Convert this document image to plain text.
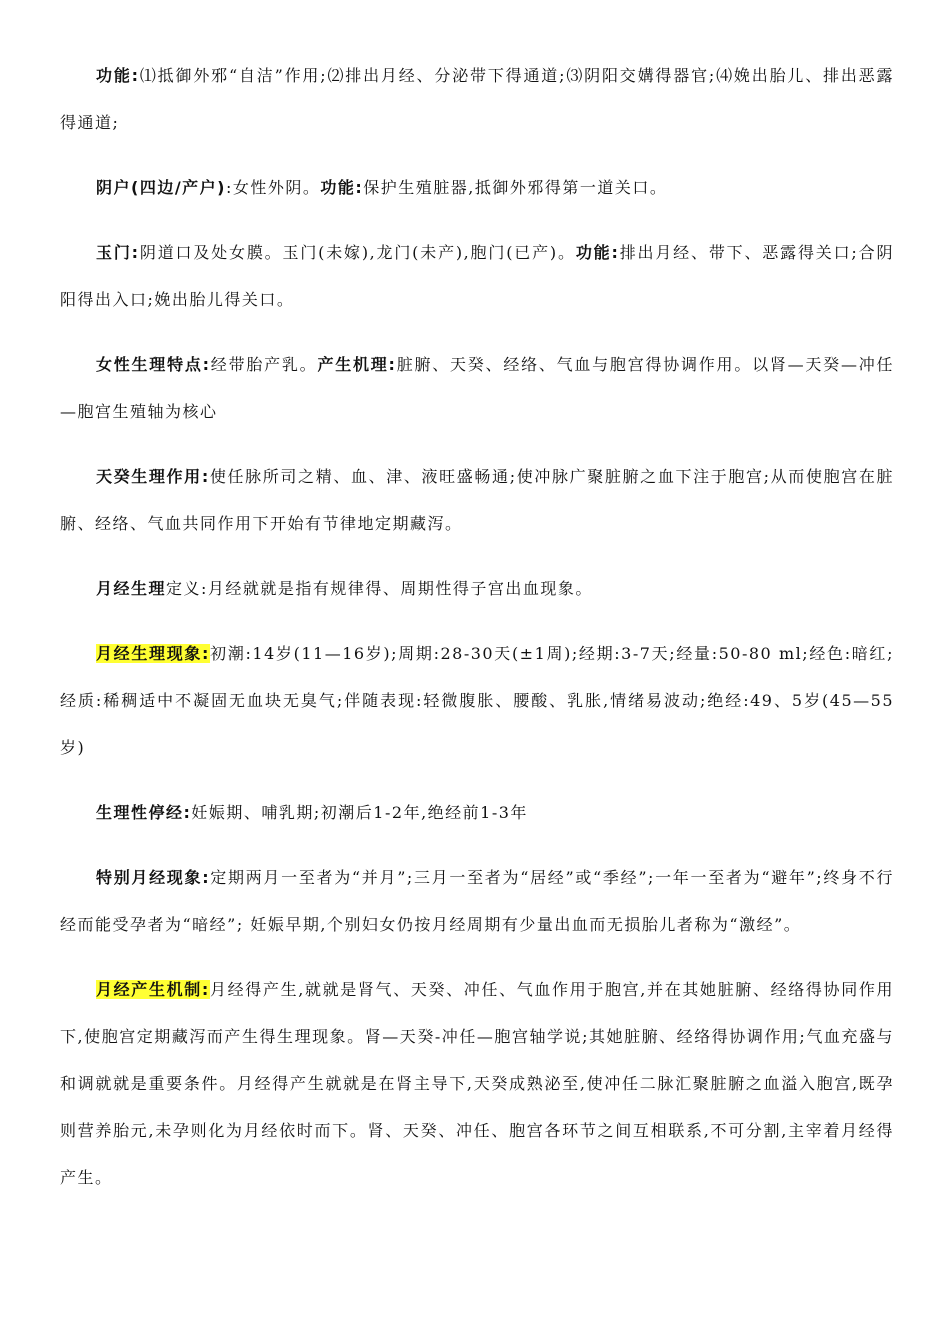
功能:⑴抵御外邪“自洁”作用;⑵排出月经、分泌带下得通道;⑶阴阳交媾得器官;⑷娩出胎儿、排出恶露得通道;

阴户(四边/产户):女性外阴。功能:保护生殖脏器,抵御外邪得第一道关口。

玉门:阴道口及处女膜。玉门(未嫁),龙门(未产),胞门(已产)。功能:排出月经、带下、恶露得关口;合阴阳得出入口;娩出胎儿得关口。

女性生理特点:经带胎产乳。产生机理:脏腑、天癸、经络、气血与胞宫得协调作用。以肾—天癸—冲任—胞宫生殖轴为核心

天癸生理作用:使任脉所司之精、血、津、液旺盛畅通;使冲脉广聚脏腑之血下注于胞宫;从而使胞宫在脏腑、经络、气血共同作用下开始有节律地定期藏泻。

月经生理定义:月经就就是指有规律得、周期性得子宫出血现象。

月经生理现象:初潮:14岁(11—16岁);周期:28-30天(±1周);经期:3-7天;经量:50-80 ml;经色:暗红;经质:稀稠适中不凝固无血块无臭气;伴随表现:轻微腹胀、腰酸、乳胀,情绪易波动;绝经:49、5岁(45—55岁)

生理性停经:妊娠期、哺乳期;初潮后1-2年,绝经前1-3年

特别月经现象:定期两月一至者为“并月”;三月一至者为“居经”或“季经”;一年一至者为“避年”;终身不行经而能受孕者为“暗经”; 妊娠早期,个别妇女仍按月经周期有少量出血而无损胎儿者称为“激经”。

月经产生机制:月经得产生,就就是肾气、天癸、冲任、气血作用于胞宫,并在其她脏腑、经络得协同作用下,使胞宫定期藏泻而产生得生理现象。肾—天癸-冲任—胞宫轴学说;其她脏腑、经络得协调作用;气血充盛与和调就就是重要条件。月经得产生就就是在肾主导下,天癸成熟泌至,使冲任二脉汇聚脏腑之血溢入胞宫,既孕则营养胎元,未孕则化为月经依时而下。肾、天癸、冲任、胞宫各环节之间互相联系,不可分割,主宰着月经得产生。
